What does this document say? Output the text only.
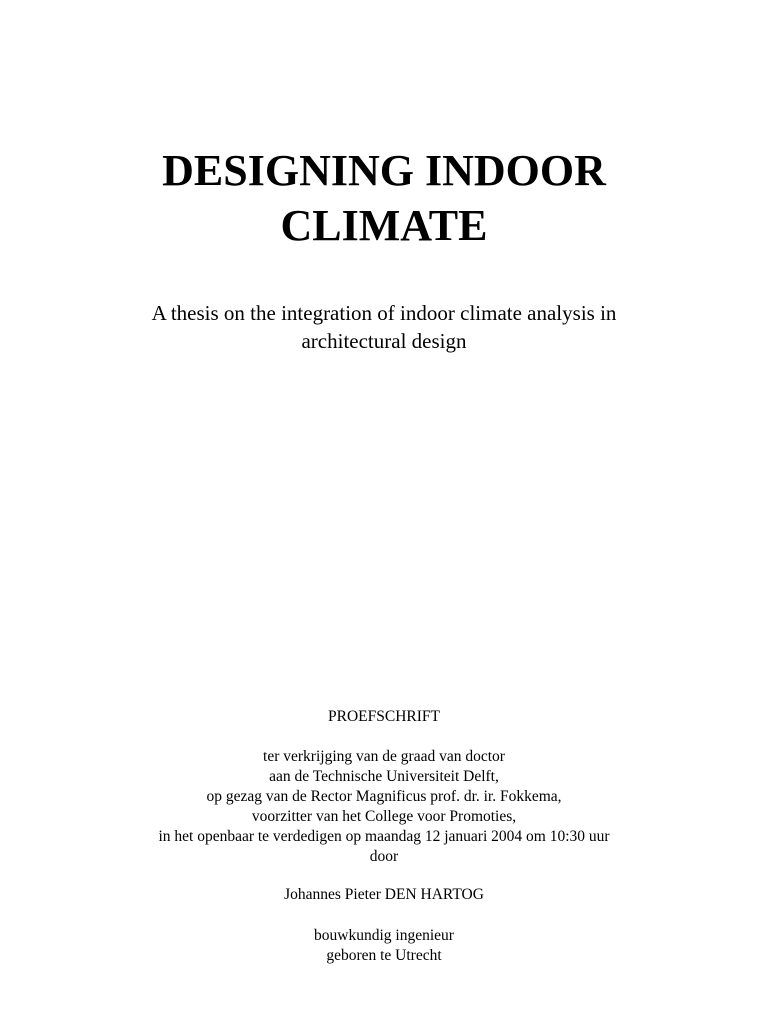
DESIGNING INDOOR
CLIMATE

A thesis on the integration of indoor climate analysis in
architectural design

PROEFSCHRIFT

ter verkrijging van de graad van doctor
aan de Technische Universiteit Delft,
op gezag van de Rector Magnificus prof. dr. ir. Fokkema,
voorzitter van het College voor Promoties,
in het openbaar te verdedigen op maandag 12 januari 2004 om 10:30 uur
door

Johannes Pieter DEN HARTOG

bouwkundig ingenieur
geboren te Utrecht
